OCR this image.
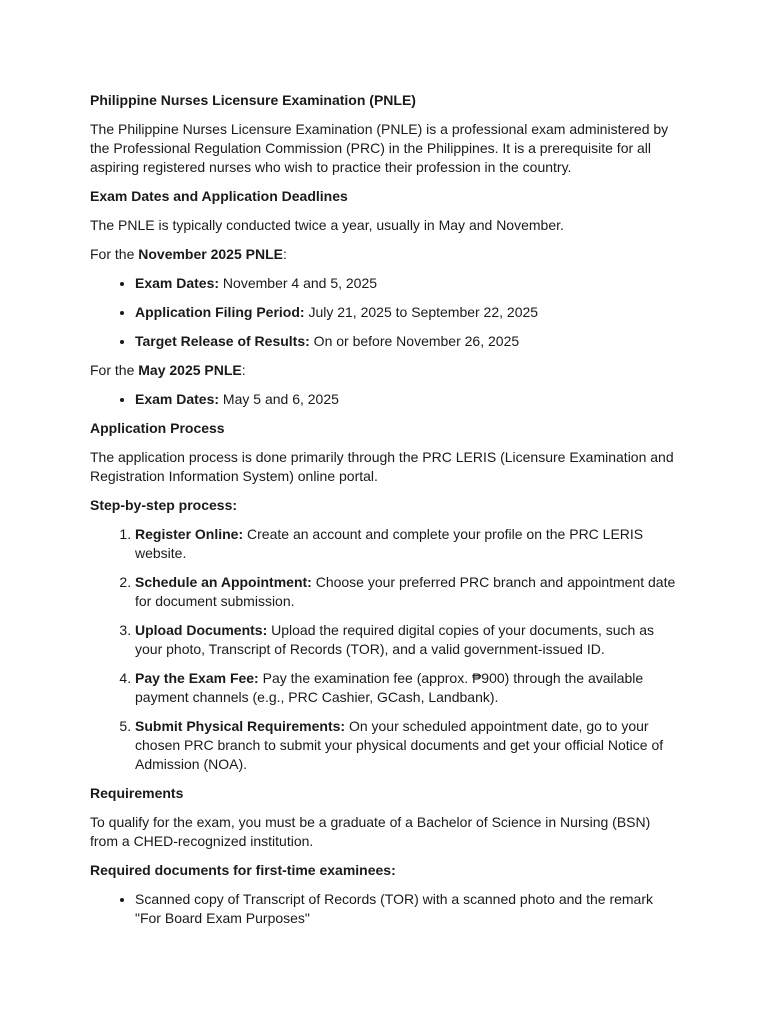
Philippine Nurses Licensure Examination (PNLE)

The Philippine Nurses Licensure Examination (PNLE) is a professional exam administered by the Professional Regulation Commission (PRC) in the Philippines. It is a prerequisite for all aspiring registered nurses who wish to practice their profession in the country.

Exam Dates and Application Deadlines

The PNLE is typically conducted twice a year, usually in May and November.

For the November 2025 PNLE:

• Exam Dates: November 4 and 5, 2025
• Application Filing Period: July 21, 2025 to September 22, 2025
• Target Release of Results: On or before November 26, 2025

For the May 2025 PNLE:

• Exam Dates: May 5 and 6, 2025

Application Process

The application process is done primarily through the PRC LERIS (Licensure Examination and Registration Information System) online portal.

Step-by-step process:

1. Register Online: Create an account and complete your profile on the PRC LERIS website.
2. Schedule an Appointment: Choose your preferred PRC branch and appointment date for document submission.
3. Upload Documents: Upload the required digital copies of your documents, such as your photo, Transcript of Records (TOR), and a valid government-issued ID.
4. Pay the Exam Fee: Pay the examination fee (approx. ₱900) through the available payment channels (e.g., PRC Cashier, GCash, Landbank).
5. Submit Physical Requirements: On your scheduled appointment date, go to your chosen PRC branch to submit your physical documents and get your official Notice of Admission (NOA).

Requirements

To qualify for the exam, you must be a graduate of a Bachelor of Science in Nursing (BSN) from a CHED-recognized institution.

Required documents for first-time examinees:

• Scanned copy of Transcript of Records (TOR) with a scanned photo and the remark "For Board Exam Purposes"
